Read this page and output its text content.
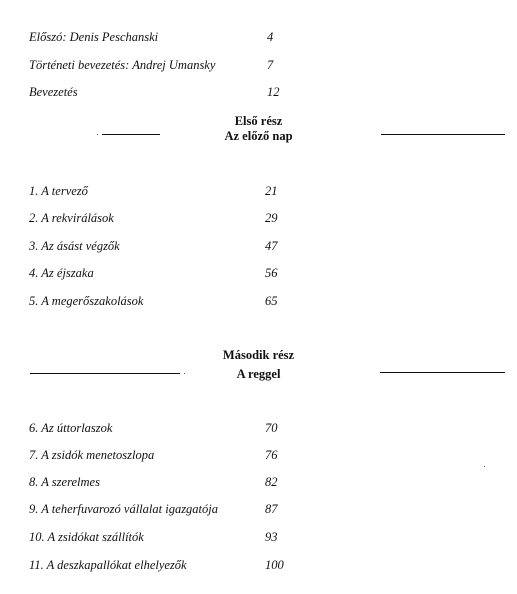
Előszó: Denis Peschanski	4
Történeti bevezetés: Andrej Umansky	7
Bevezetés	12
Első rész
Az előző nap
1. A tervező	21
2. A rekvirálások	29
3. Az ásást végzők	47
4. Az éjszaka	56
5. A megerőszakolások	65
Második rész
A reggel
6. Az úttorlaszok	70
7. A zsidók menetoszlopa	76
8. A szerelmes	82
9. A teherfuvarozó vállalat igazgatója	87
10. A zsidókat szállítók	93
11. A deszkapallókat elhelyezők	100
